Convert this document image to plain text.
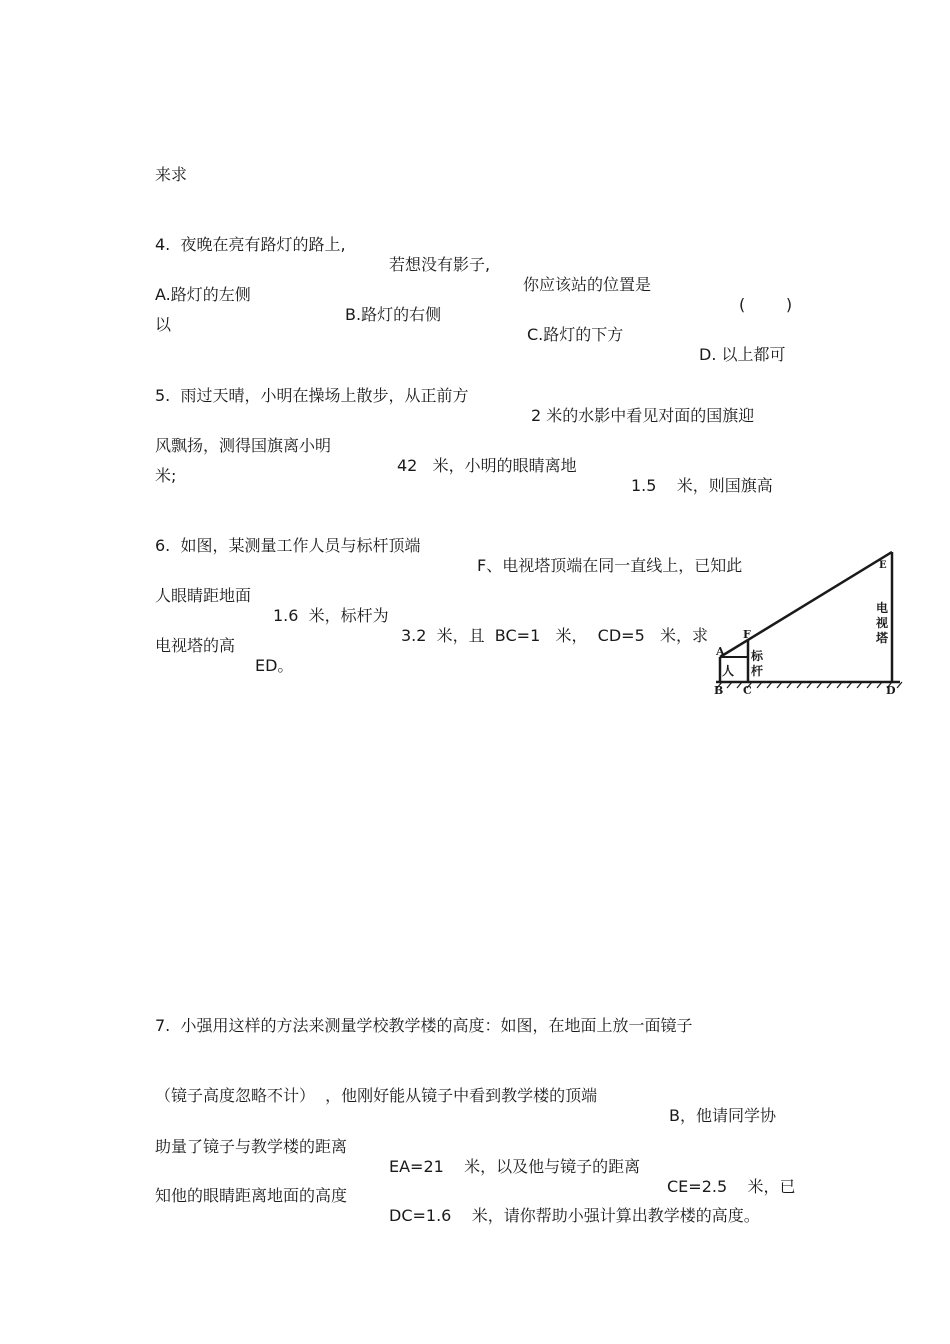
来求

4.  夜晚在亮有路灯的路上,

若想没有影子,

你应该站的位置是

(        )

A.路灯的左侧

B.路灯的右侧

C.路灯的下方

D. 以上都可

以

5.  雨过天晴，小明在操场上散步，从正前方

2 米的水影中看见对面的国旗迎

风飘扬，测得国旗离小明

42   米，小明的眼睛离地

1.5    米，则国旗高

米;

6.  如图，某测量工作人员与标杆顶端

F、电视塔顶端在同一直线上，已知此

人眼睛距地面

1.6  米，标杆为

3.2  米，且  BC=1   米，  CD=5   米，求

电视塔的高

ED。

A
B C	D
E
F
人
标
杆
电
视
塔
7.  小强用这样的方法来测量学校教学楼的高度：如图，在地面上放一面镜子

（镜子高度忽略不计）  ，他刚好能从镜子中看到教学楼的顶端

B，他请同学协

助量了镜子与教学楼的距离

EA=21    米，以及他与镜子的距离

CE=2.5    米，已

知他的眼睛距离地面的高度

DC=1.6    米，请你帮助小强计算出教学楼的高度。
